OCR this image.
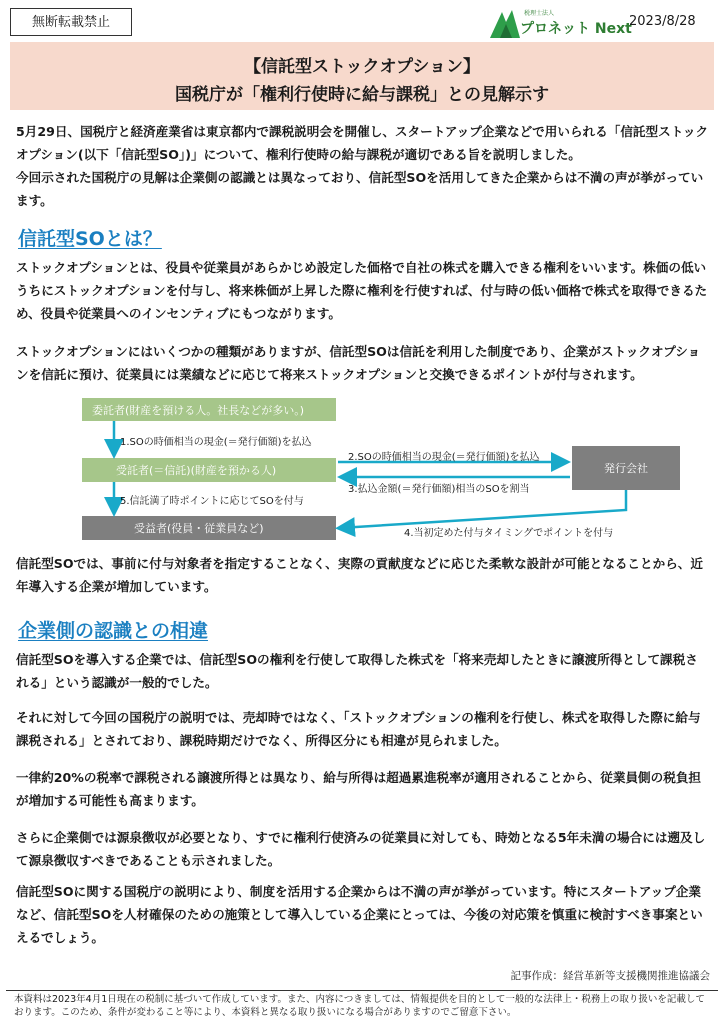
無断転載禁止
税理士法人
プロネット Next
2023/8/28
【信託型ストックオプション】
国税庁が「権利行使時に給与課税」との見解示す

5月29日、国税庁と経済産業省は東京都内で課税説明会を開催し、スタートアップ企業などで用いられる「信託型ストックオプション(以下「信託型SO」)」について、権利行使時の給与課税が適切である旨を説明しました。

今回示された国税庁の見解は企業側の認識とは異なっており、信託型SOを活用してきた企業からは不満の声が挙がっています。

信託型SOとは？

ストックオプションとは、役員や従業員があらかじめ設定した価格で自社の株式を購入できる権利をいいます。株価の低いうちにストックオプションを付与し、将来株価が上昇した際に権利を行使すれば、付与時の低い価格で株式を取得できるため、役員や従業員へのインセンティブにもつながります。

ストックオプションにはいくつかの種類がありますが、信託型SOは信託を利用した制度であり、企業がストックオプションを信託に預け、従業員には業績などに応じて将来ストックオプションと交換できるポイントが付与されます。

委託者(財産を預ける人。社長などが多い。)
受託者(＝信託)(財産を預かる人)	発行会社
受益者(役員・従業員など)
1.SOの時価相当の現金(＝発行価額)を払込
2.SOの時価相当の現金(＝発行価額)を払込
3.払込金額(＝発行価額)相当のSOを割当
5.信託満了時ポイントに応じてSOを付与
4.当初定めた付与タイミングでポイントを付与

信託型SOでは、事前に付与対象者を指定することなく、実際の貢献度などに応じた柔軟な設計が可能となることから、近年導入する企業が増加しています。

企業側の認識との相違

信託型SOを導入する企業では、信託型SOの権利を行使して取得した株式を「将来売却したときに譲渡所得として課税される」という認識が一般的でした。

それに対して今回の国税庁の説明では、売却時ではなく、「ストックオプションの権利を行使し、株式を取得した際に給与課税される」とされており、課税時期だけでなく、所得区分にも相違が見られました。

一律約20%の税率で課税される譲渡所得とは異なり、給与所得は超過累進税率が適用されることから、従業員側の税負担が増加する可能性も高まります。

さらに企業側では源泉徴収が必要となり、すでに権利行使済みの従業員に対しても、時効となる5年未満の場合には遡及して源泉徴収すべきであることも示されました。

信託型SOに関する国税庁の説明により、制度を活用する企業からは不満の声が挙がっています。特にスタートアップ企業など、信託型SOを人材確保のための施策として導入している企業にとっては、今後の対応策を慎重に検討すべき事案といえるでしょう。

記事作成：経営革新等支援機関推進協議会
本資料は2023年4月1日現在の税制に基づいて作成しています。また、内容につきましては、情報提供を目的として一般的な法律上・税務上の取り扱いを記載しております。このため、条件が変わること等により、本資料と異なる取り扱いになる場合がありますのでご留意下さい。
